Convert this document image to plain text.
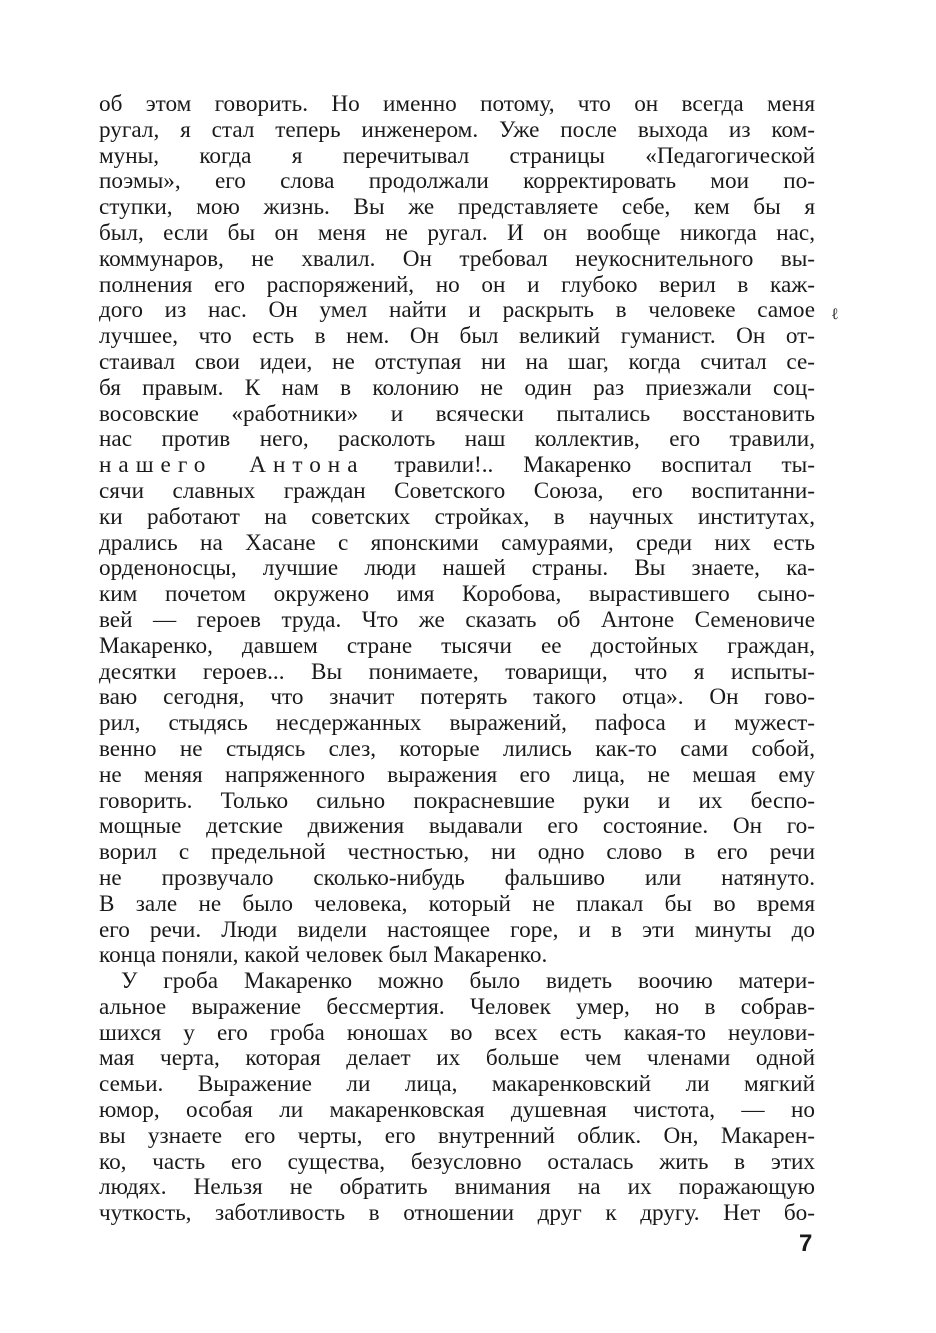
об этом говорить. Но именно потому, что он всегда меня
ругал, я стал теперь инженером. Уже после выхода из ком-
муны, когда я перечитывал страницы «Педагогической
поэмы», его слова продолжали корректировать мои по-
ступки, мою жизнь. Вы же представляете себе, кем бы я
был, если бы он меня не ругал. И он вообще никогда нас,
коммунаров, не хвалил. Он требовал неукоснительного вы-
полнения его распоряжений, но он и глубоко верил в каж-
дого из нас. Он умел найти и раскрыть в человеке самое
лучшее, что есть в нем. Он был великий гуманист. Он от-
стаивал свои идеи, не отступая ни на шаг, когда считал се-
бя правым. К нам в колонию не один раз приезжали соц-
восовские «работники» и всячески пытались восстановить
нас против него, расколоть наш коллектив, его травили,
нашего Антона травили!.. Макаренко воспитал ты-
сячи славных граждан Советского Союза, его воспитанни-
ки работают на советских стройках, в научных институтах,
дрались на Хасане с японскими самураями, среди них есть
орденоносцы, лучшие люди нашей страны. Вы знаете, ка-
ким почетом окружено имя Коробова, вырастившего сыно-
вей — героев труда. Что же сказать об Антоне Семеновиче
Макаренко, давшем стране тысячи ее достойных граждан,
десятки героев... Вы понимаете, товарищи, что я испыты-
ваю сегодня, что значит потерять такого отца». Он гово-
рил, стыдясь несдержанных выражений, пафоса и мужест-
венно не стыдясь слез, которые лились как-то сами собой,
не меняя напряженного выражения его лица, не мешая ему
говорить. Только сильно покрасневшие руки и их беспо-
мощные детские движения выдавали его состояние. Он го-
ворил с предельной честностью, ни одно слово в его речи
не прозвучало сколько-нибудь фальшиво или натянуто.
В зале не было человека, который не плакал бы во время
его речи. Люди видели настоящее горе, и в эти минуты до
конца поняли, какой человек был Макаренко.
У гроба Макаренко можно было видеть воочию матери-
альное выражение бессмертия. Человек умер, но в собрав-
шихся у его гроба юношах во всех есть какая-то неулови-
мая черта, которая делает их больше чем членами одной
семьи. Выражение ли лица, макаренковский ли мягкий
юмор, особая ли макаренковская душевная чистота, — но
вы узнаете его черты, его внутренний облик. Он, Макарен-
ко, часть его существа, безусловно осталась жить в этих
людях. Нельзя не обратить внимания на их поражающую
чуткость, заботливость в отношении друг к другу. Нет бо-
ℓ
7
